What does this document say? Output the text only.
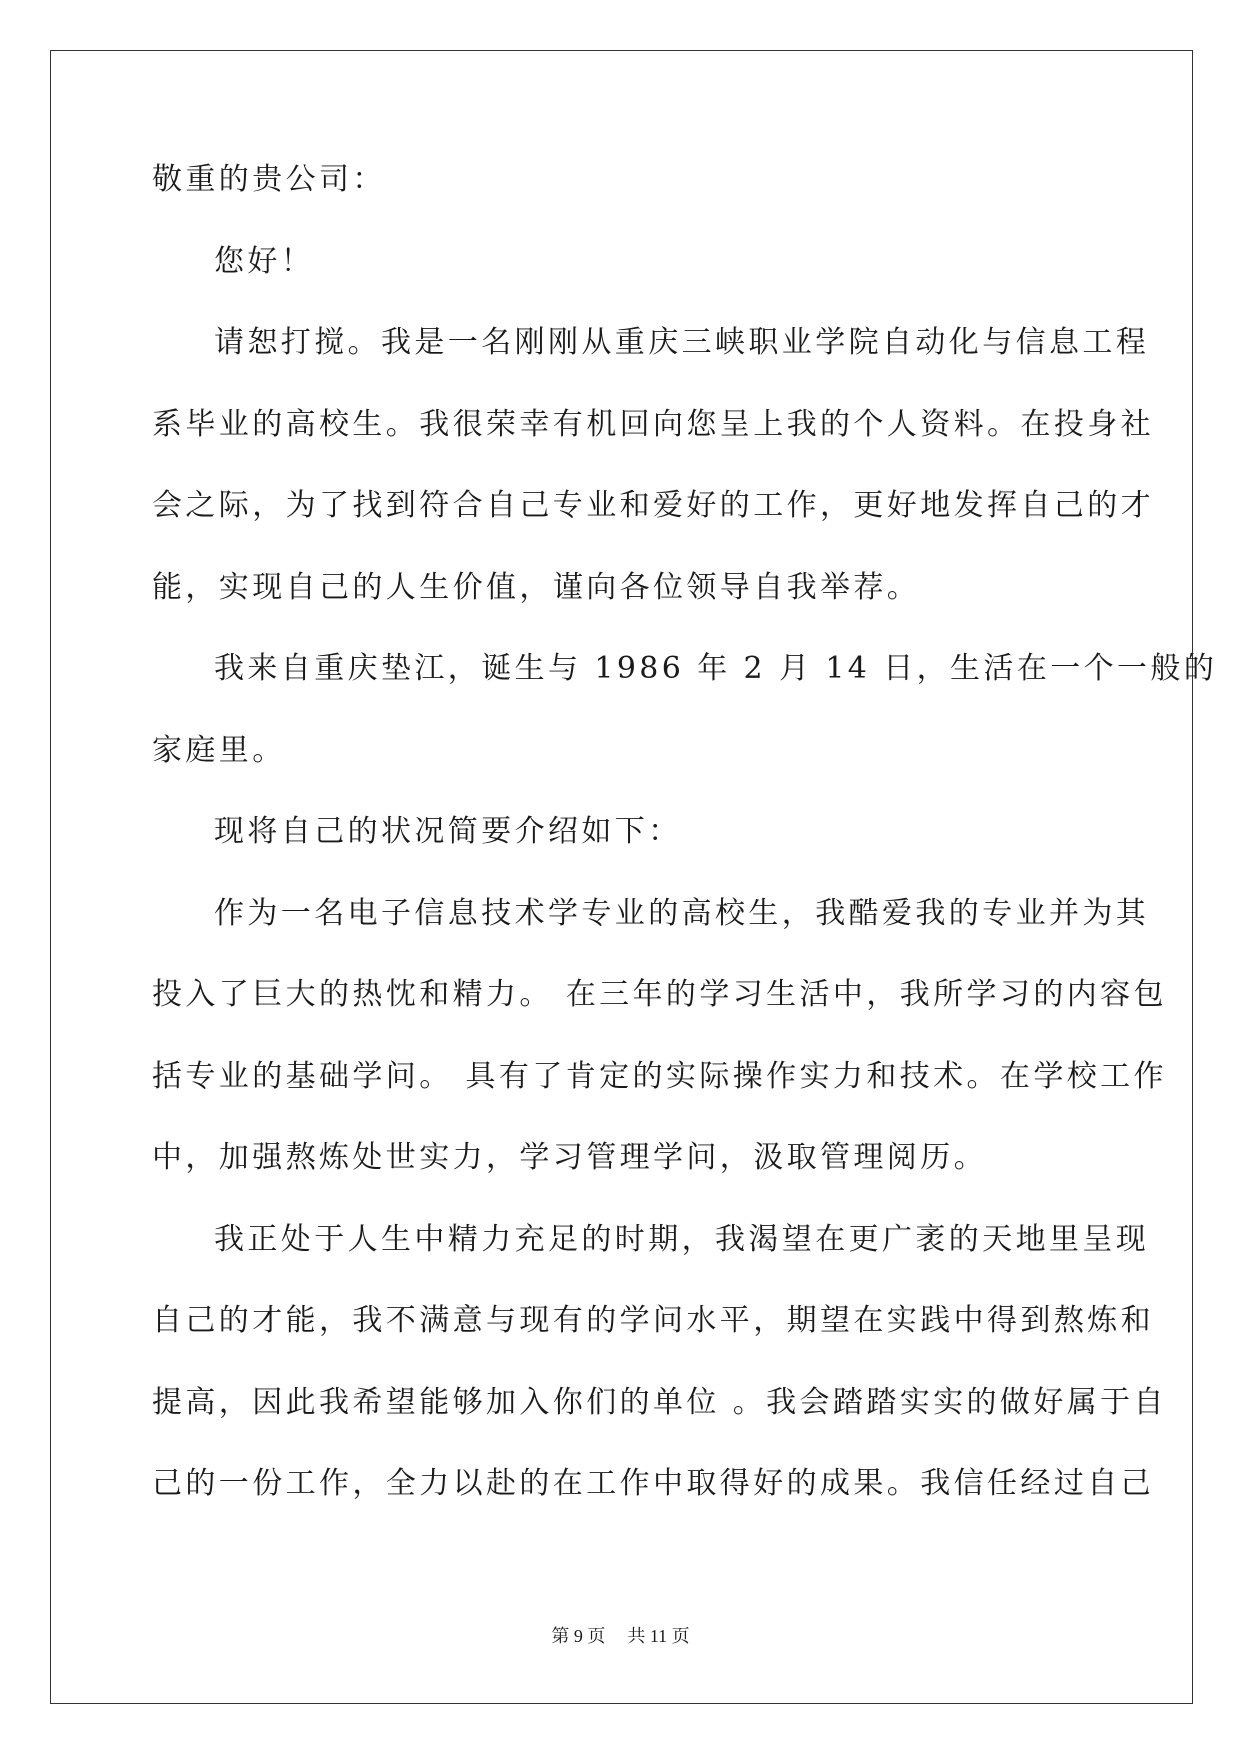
敬重的贵公司：
您好！
请恕打搅。我是一名刚刚从重庆三峡职业学院自动化与信息工程
系毕业的高校生。我很荣幸有机回向您呈上我的个人资料。在投身社
会之际，为了找到符合自己专业和爱好的工作，更好地发挥自己的才
能，实现自己的人生价值，谨向各位领导自我举荐。
我来自重庆垫江，诞生与 1986 年 2 月 14 日，生活在一个一般的
家庭里。
现将自己的状况简要介绍如下：
作为一名电子信息技术学专业的高校生，我酷爱我的专业并为其
投入了巨大的热忱和精力。 在三年的学习生活中，我所学习的内容包
括专业的基础学问。 具有了肯定的实际操作实力和技术。在学校工作
中，加强熬炼处世实力，学习管理学问，汲取管理阅历。
我正处于人生中精力充足的时期，我渴望在更广袤的天地里呈现
自己的才能，我不满意与现有的学问水平，期望在实践中得到熬炼和
提高，因此我希望能够加入你们的单位 。我会踏踏实实的做好属于自
己的一份工作，全力以赴的在工作中取得好的成果。我信任经过自己
第 9 页 共 11 页
